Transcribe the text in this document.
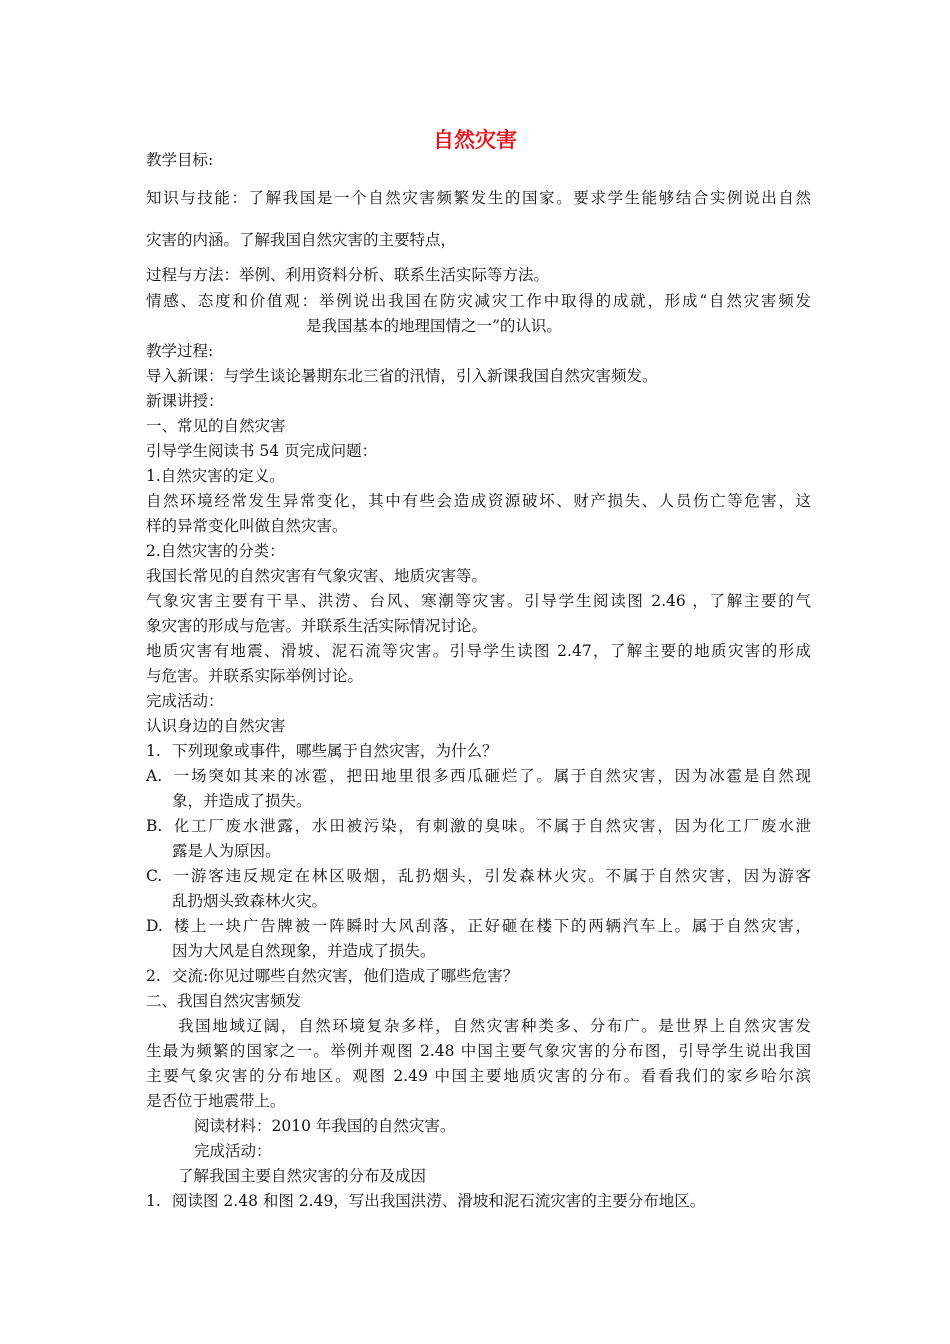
自然灾害
教学目标:
知识与技能：了解我国是一个自然灾害频繁发生的国家。要求学生能够结合实例说出自然
灾害的内涵。了解我国自然灾害的主要特点，
过程与方法：举例、利用资料分析、联系生活实际等方法。
情感、态度和价值观：举例说出我国在防灾减灾工作中取得的成就，形成“自然灾害频发
是我国基本的地理国情之一”的认识。
教学过程:
导入新课：与学生谈论暑期东北三省的汛情，引入新课我国自然灾害频发。
新课讲授：
一、常见的自然灾害
引导学生阅读书 54 页完成问题：
1.自然灾害的定义。
自然环境经常发生异常变化，其中有些会造成资源破坏、财产损失、人员伤亡等危害，这
样的异常变化叫做自然灾害。
2.自然灾害的分类：
我国长常见的自然灾害有气象灾害、地质灾害等。
气象灾害主要有干旱、洪涝、台风、寒潮等灾害。引导学生阅读图 2.46 ，了解主要的气
象灾害的形成与危害。并联系生活实际情况讨论。
地质灾害有地震、滑坡、泥石流等灾害。引导学生读图 2.47，了解主要的地质灾害的形成
与危害。并联系实际举例讨论。
完成活动：
认识身边的自然灾害
1. 下列现象或事件，哪些属于自然灾害，为什么？
A. 一场突如其来的冰雹，把田地里很多西瓜砸烂了。属于自然灾害，因为冰雹是自然现
象，并造成了损失。
B. 化工厂废水泄露，水田被污染，有刺激的臭味。不属于自然灾害，因为化工厂废水泄
露是人为原因。
C. 一游客违反规定在林区吸烟，乱扔烟头，引发森林火灾。不属于自然灾害，因为游客
乱扔烟头致森林火灾。
D. 楼上一块广告牌被一阵瞬时大风刮落，正好砸在楼下的两辆汽车上。属于自然灾害，
因为大风是自然现象，并造成了损失。
2. 交流:你见过哪些自然灾害，他们造成了哪些危害？
二、我国自然灾害频发
我国地域辽阔，自然环境复杂多样，自然灾害种类多、分布广。是世界上自然灾害发
生最为频繁的国家之一。举例并观图 2.48 中国主要气象灾害的分布图，引导学生说出我国
主要气象灾害的分布地区。观图 2.49 中国主要地质灾害的分布。看看我们的家乡哈尔滨
是否位于地震带上。
阅读材料：2010 年我国的自然灾害。
完成活动：
了解我国主要自然灾害的分布及成因
1. 阅读图 2.48 和图 2.49，写出我国洪涝、滑坡和泥石流灾害的主要分布地区。
